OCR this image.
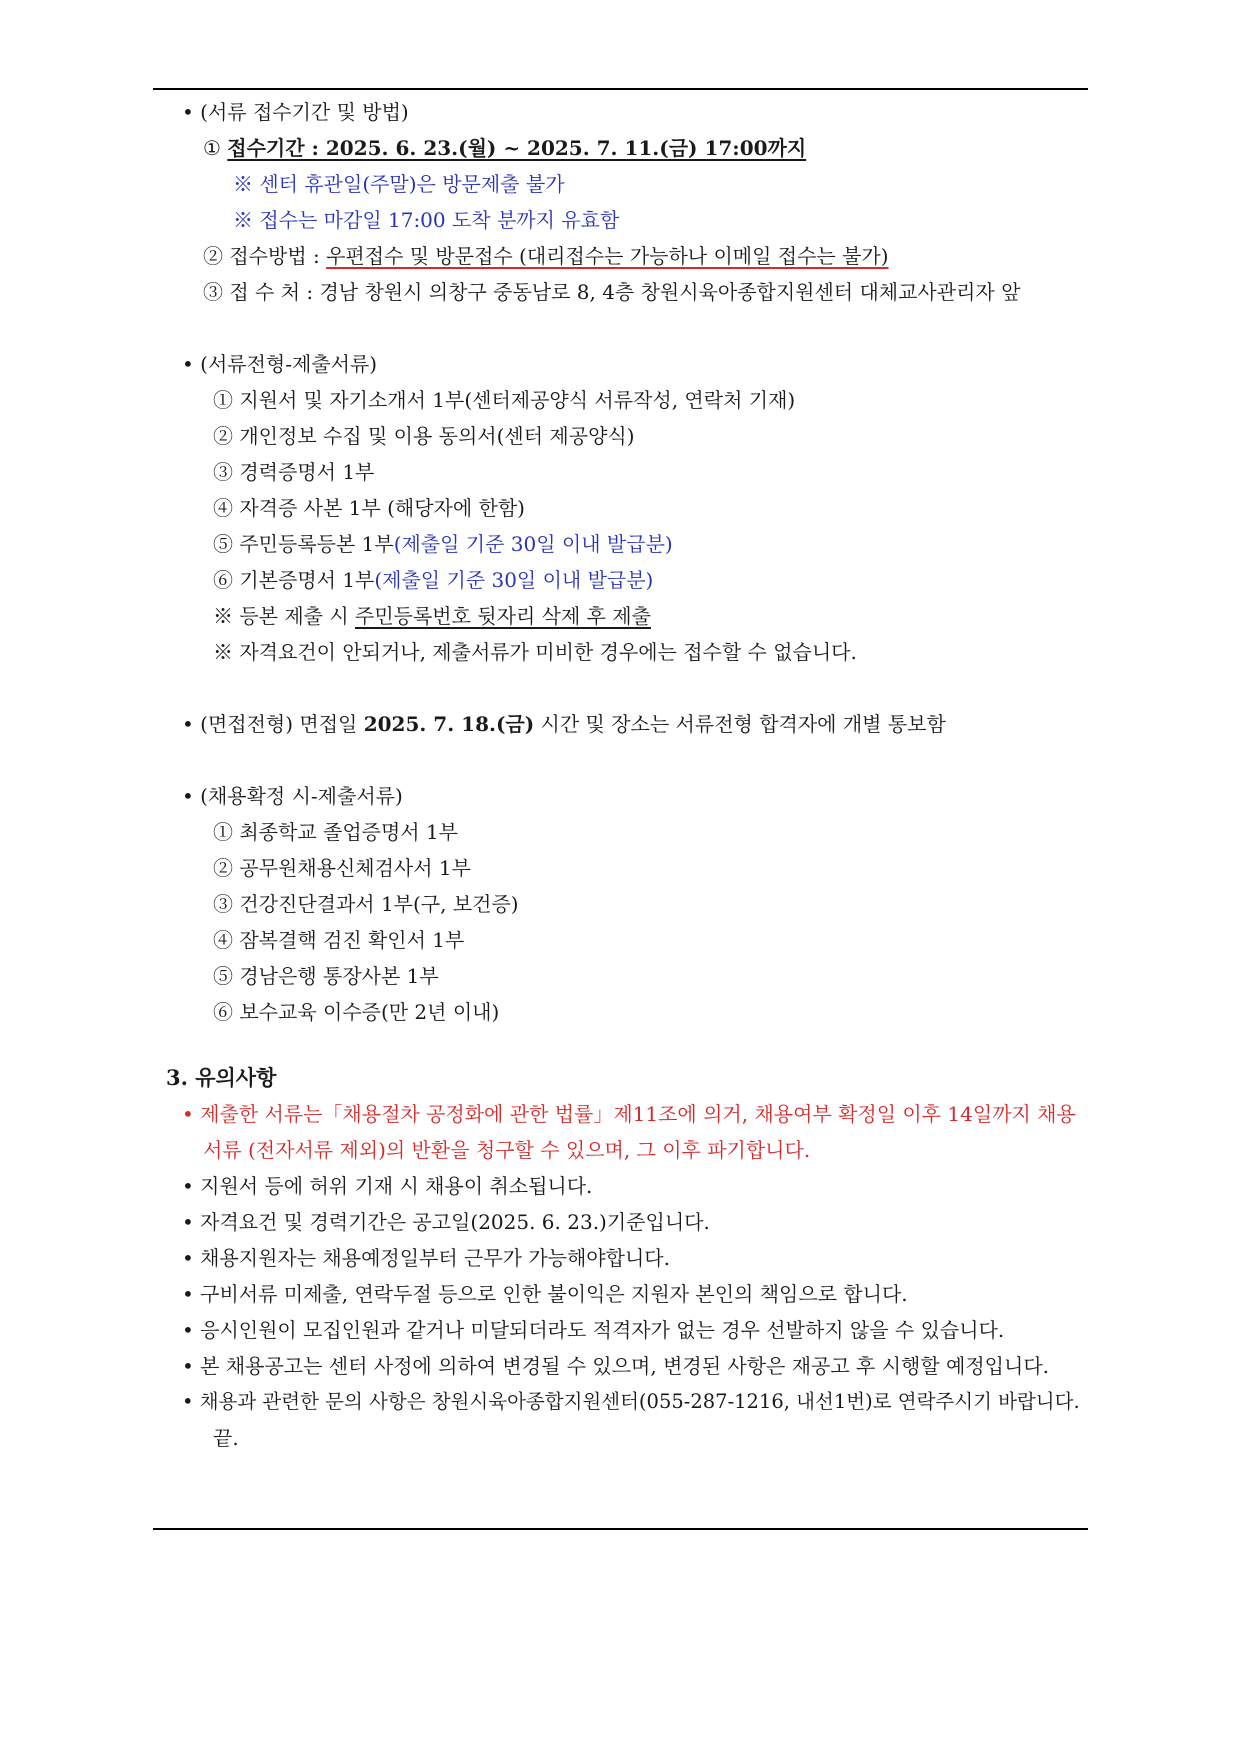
• (서류 접수기간 및 방법)
① 접수기간 : 2025. 6. 23.(월) ~ 2025. 7. 11.(금) 17:00까지
※ 센터 휴관일(주말)은 방문제출 불가
※ 접수는 마감일 17:00 도착 분까지 유효함
② 접수방법 : 우편접수 및 방문접수 (대리접수는 가능하나 이메일 접수는 불가)
③ 접 수 처 : 경남 창원시 의창구 중동남로 8, 4층 창원시육아종합지원센터 대체교사관리자 앞
• (서류전형-제출서류)
① 지원서 및 자기소개서 1부(센터제공양식 서류작성, 연락처 기재)
② 개인정보 수집 및 이용 동의서(센터 제공양식)
③ 경력증명서 1부
④ 자격증 사본 1부 (해당자에 한함)
⑤ 주민등록등본 1부(제출일 기준 30일 이내 발급분)
⑥ 기본증명서 1부(제출일 기준 30일 이내 발급분)
※ 등본 제출 시 주민등록번호 뒷자리 삭제 후 제출
※ 자격요건이 안되거나, 제출서류가 미비한 경우에는 접수할 수 없습니다.
• (면접전형) 면접일 2025. 7. 18.(금) 시간 및 장소는 서류전형 합격자에 개별 통보함
• (채용확정 시-제출서류)
① 최종학교 졸업증명서 1부
② 공무원채용신체검사서 1부
③ 건강진단결과서 1부(구, 보건증)
④ 잠복결핵 검진 확인서 1부
⑤ 경남은행 통장사본 1부
⑥ 보수교육 이수증(만 2년 이내)
3. 유의사항
• 제출한 서류는「채용절차 공정화에 관한 법률」제11조에 의거, 채용여부 확정일 이후 14일까지 채용
서류 (전자서류 제외)의 반환을 청구할 수 있으며, 그 이후 파기합니다.
• 지원서 등에 허위 기재 시 채용이 취소됩니다.
• 자격요건 및 경력기간은 공고일(2025. 6. 23.)기준입니다.
• 채용지원자는 채용예정일부터 근무가 가능해야합니다.
• 구비서류 미제출, 연락두절 등으로 인한 불이익은 지원자 본인의 책임으로 합니다.
• 응시인원이 모집인원과 같거나 미달되더라도 적격자가 없는 경우 선발하지 않을 수 있습니다.
• 본 채용공고는 센터 사정에 의하여 변경될 수 있으며, 변경된 사항은 재공고 후 시행할 예정입니다.
• 채용과 관련한 문의 사항은 창원시육아종합지원센터(055-287-1216, 내선1번)로 연락주시기 바랍니다.
끝.
